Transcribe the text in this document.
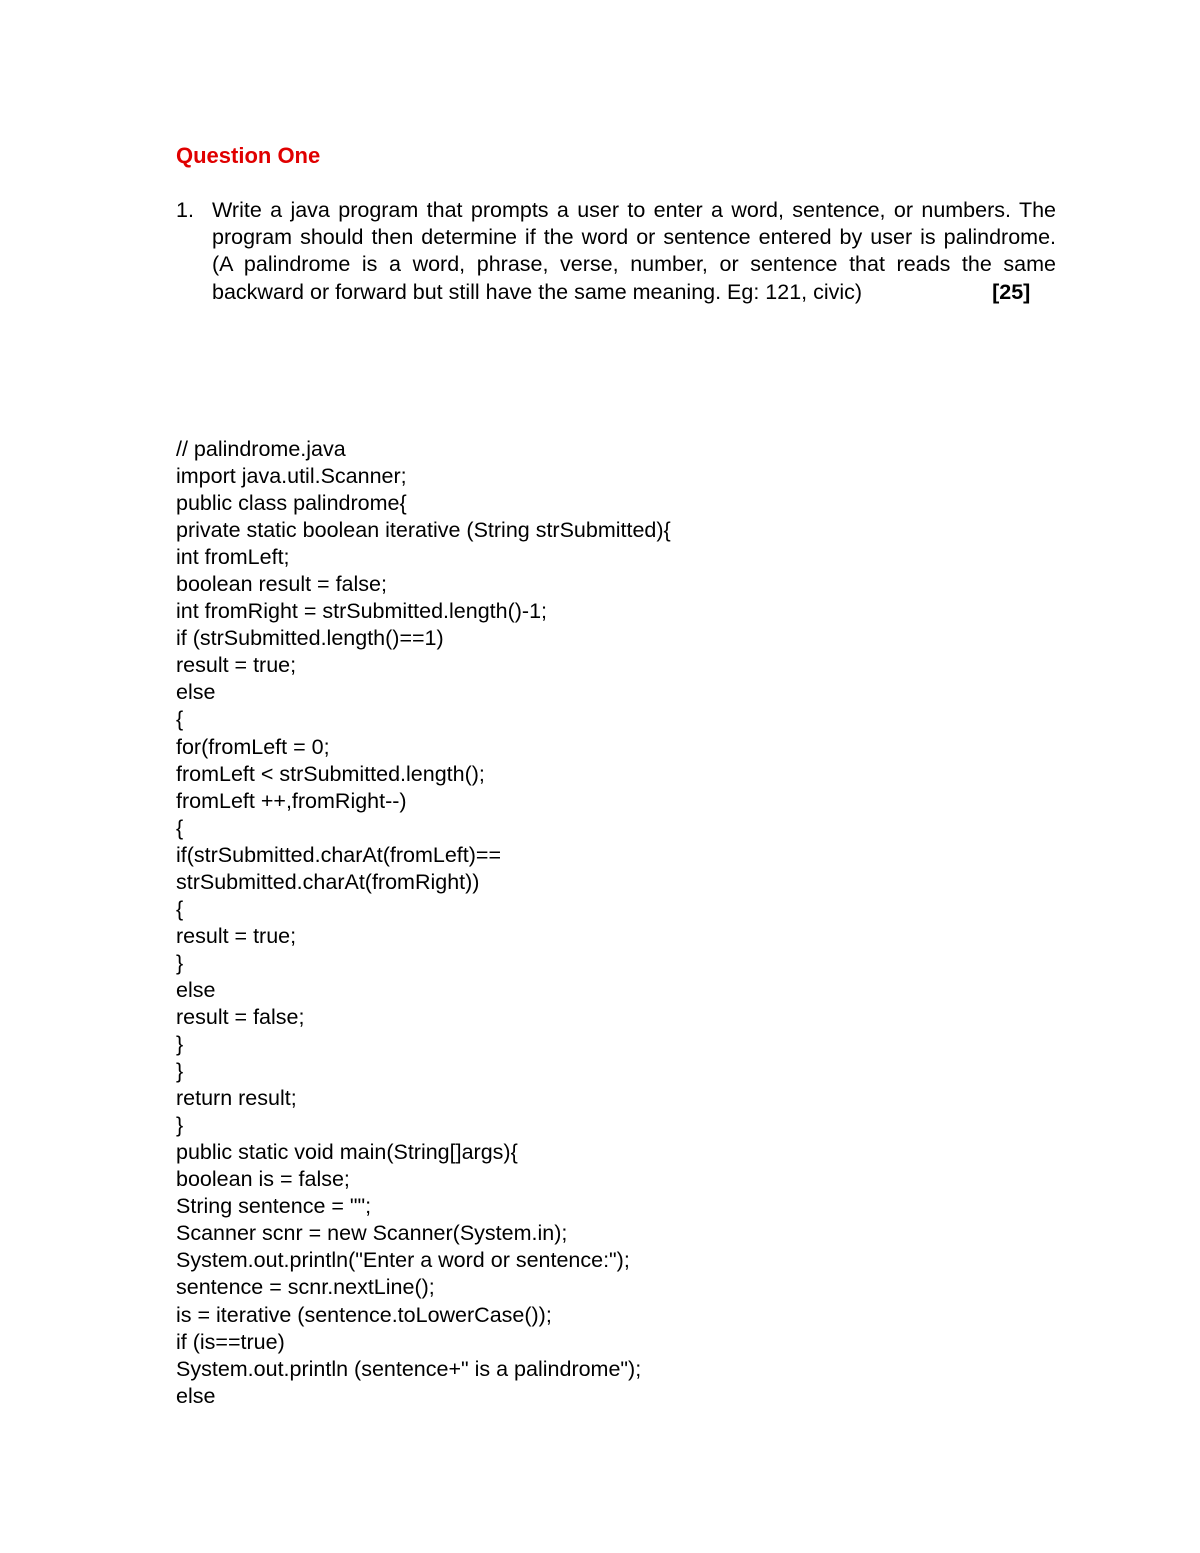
Question One
1. Write a java program that prompts a user to enter a word, sentence, or numbers. The program should then determine if the word or sentence entered by user is palindrome. (A palindrome is a word, phrase, verse, number, or sentence that reads the same backward or forward but still have the same meaning. Eg: 121, civic)	[25]
// palindrome.java
import java.util.Scanner;
public class palindrome{
private static boolean iterative (String strSubmitted){
int fromLeft;
boolean result = false;
int fromRight = strSubmitted.length()-1;
if (strSubmitted.length()==1)
result = true;
else
{
for(fromLeft = 0;
fromLeft < strSubmitted.length();
fromLeft ++,fromRight--)
{
if(strSubmitted.charAt(fromLeft)==
strSubmitted.charAt(fromRight))
{
result = true;
}
else
result = false;
}
}
return result;
}
public static void main(String[]args){
boolean is = false;
String sentence = "";
Scanner scnr = new Scanner(System.in);
System.out.println("Enter a word or sentence:");
sentence = scnr.nextLine();
is = iterative (sentence.toLowerCase());
if (is==true)
System.out.println (sentence+" is a palindrome");
else
